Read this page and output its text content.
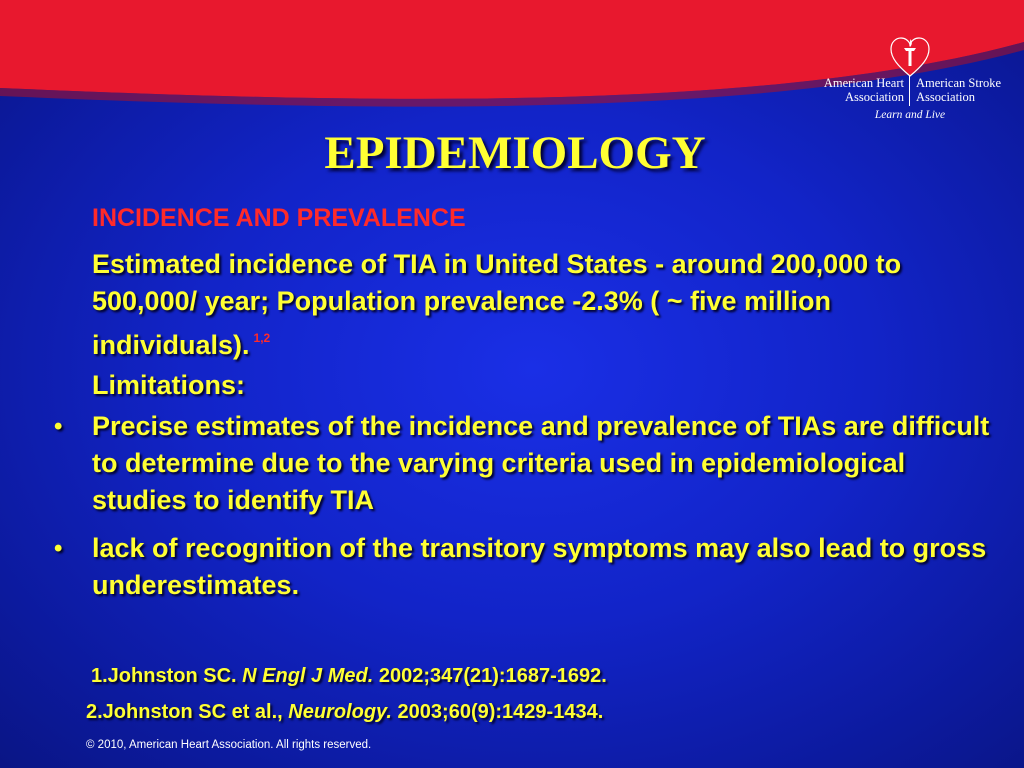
American Heart
Association
American Stroke
Association
Learn and Live
EPIDEMIOLOGY
INCIDENCE AND PREVALENCE
Estimated incidence of TIA in United States - around 200,000 to 500,000/ year; Population prevalence -2.3% ( ~ five million individuals). $^{1,2}$
Limitations:
• Precise estimates of the incidence and prevalence of TIAs are difficult to determine due to the varying criteria used in epidemiological studies to identify TIA
• lack of recognition of the transitory symptoms may also lead to gross underestimates.
1.Johnston SC. N Engl J Med. 2002;347(21):1687-1692.
2.Johnston SC et al., Neurology. 2003;60(9):1429-1434.
© 2010, American Heart Association. All rights reserved.
